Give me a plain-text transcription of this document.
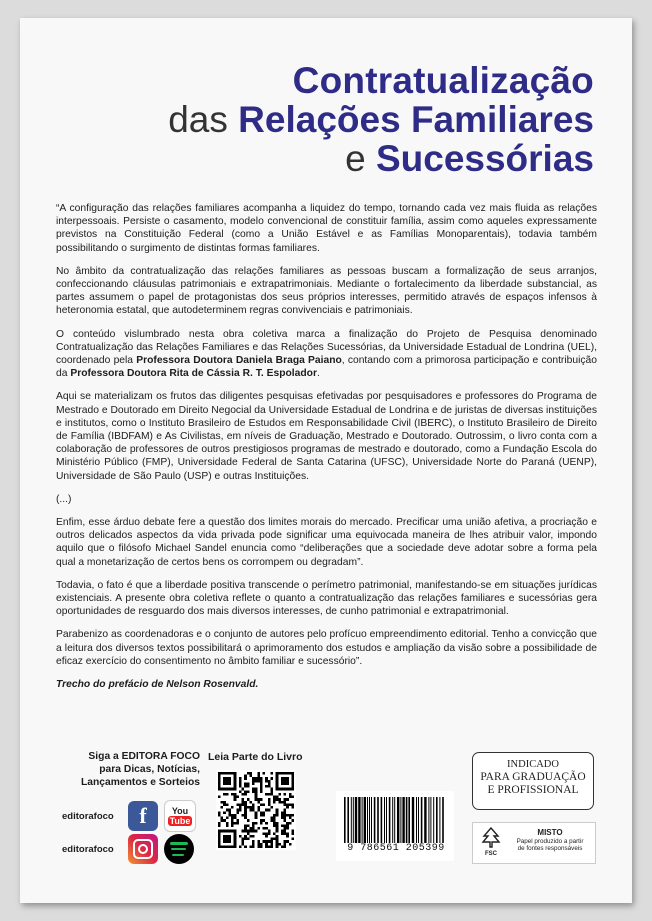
Contratualização
das Relações Familiares
e Sucessórias

“A configuração das relações familiares acompanha a liquidez do tempo, tornando cada vez mais fluida as relações interpessoais. Persiste o casamento, modelo convencional de constituir família, assim como aqueles expressamente previstos na Constituição Federal (como a União Estável e as Famílias Monoparentais), todavia também possibilitando o surgimento de distintas formas familiares.

No âmbito da contratualização das relações familiares as pessoas buscam a formalização de seus arranjos, confeccionando cláusulas patrimoniais e extrapatrimoniais. Mediante o fortalecimento da liberdade substancial, as partes assumem o papel de protagonistas dos seus próprios interesses, permitido através de espaços infensos à heteronomia estatal, que autodeterminem regras convivenciais e patrimoniais.

O conteúdo vislumbrado nesta obra coletiva marca a finalização do Projeto de Pesquisa denominado Contratualização das Relações Familiares e das Relações Sucessórias, da Universidade Estadual de Londrina (UEL), coordenado pela Professora Doutora Daniela Braga Paiano, contando com a primorosa participação e contribuição da Professora Doutora Rita de Cássia R. T. Espolador.

Aqui se materializam os frutos das diligentes pesquisas efetivadas por pesquisadores e professores do Programa de Mestrado e Doutorado em Direito Negocial da Universidade Estadual de Londrina e de juristas de diversas instituições e institutos, como o Instituto Brasileiro de Estudos em Responsabilidade Civil (IBERC), o Instituto Brasileiro de Direito de Família (IBDFAM) e As Civilistas, em níveis de Graduação, Mestrado e Doutorado. Outrossim, o livro conta com a colaboração de professores de outros prestigiosos programas de mestrado e doutorado, como a Fundação Escola do Ministério Público (FMP), Universidade Federal de Santa Catarina (UFSC), Universidade Norte do Paraná (UENP), Universidade de São Paulo (USP) e outras Instituições.

(...)

Enfim, esse árduo debate fere a questão dos limites morais do mercado. Precificar uma união afetiva, a procriação e outros delicados aspectos da vida privada pode significar uma equivocada maneira de lhes atribuir valor, impondo aquilo que o filósofo Michael Sandel enuncia como “deliberações que a sociedade deve adotar sobre a forma pela qual a monetarização de certos bens os corrompem ou degradam”.

Todavia, o fato é que a liberdade positiva transcende o perímetro patrimonial, manifestando-se em situações jurídicas existenciais. A presente obra coletiva reflete o quanto a contratualização das relações familiares e sucessórias gera oportunidades de resguardo dos mais diversos interesses, de cunho patrimonial e extrapatrimonial.

Parabenizo as coordenadoras e o conjunto de autores pelo profícuo empreendimento editorial. Tenho a convicção que a leitura dos diversos textos possibilitará o aprimoramento dos estudos e ampliação da visão sobre a possibilidade de eficaz exercício do consentimento no âmbito familiar e sucessório”.

Trecho do prefácio de Nelson Rosenvald.

Siga a EDITORA FOCO
para Dicas, Notícias,
Lançamentos e Sorteios
editorafoco	f	You
Tube
editorafoco
Leia Parte do Livro
9 786561 205399
INDICADO
PARA GRADUAÇÃO
E PROFISSIONAL
FSC
MISTO
Papel produzido a partir
de fontes responsáveis
